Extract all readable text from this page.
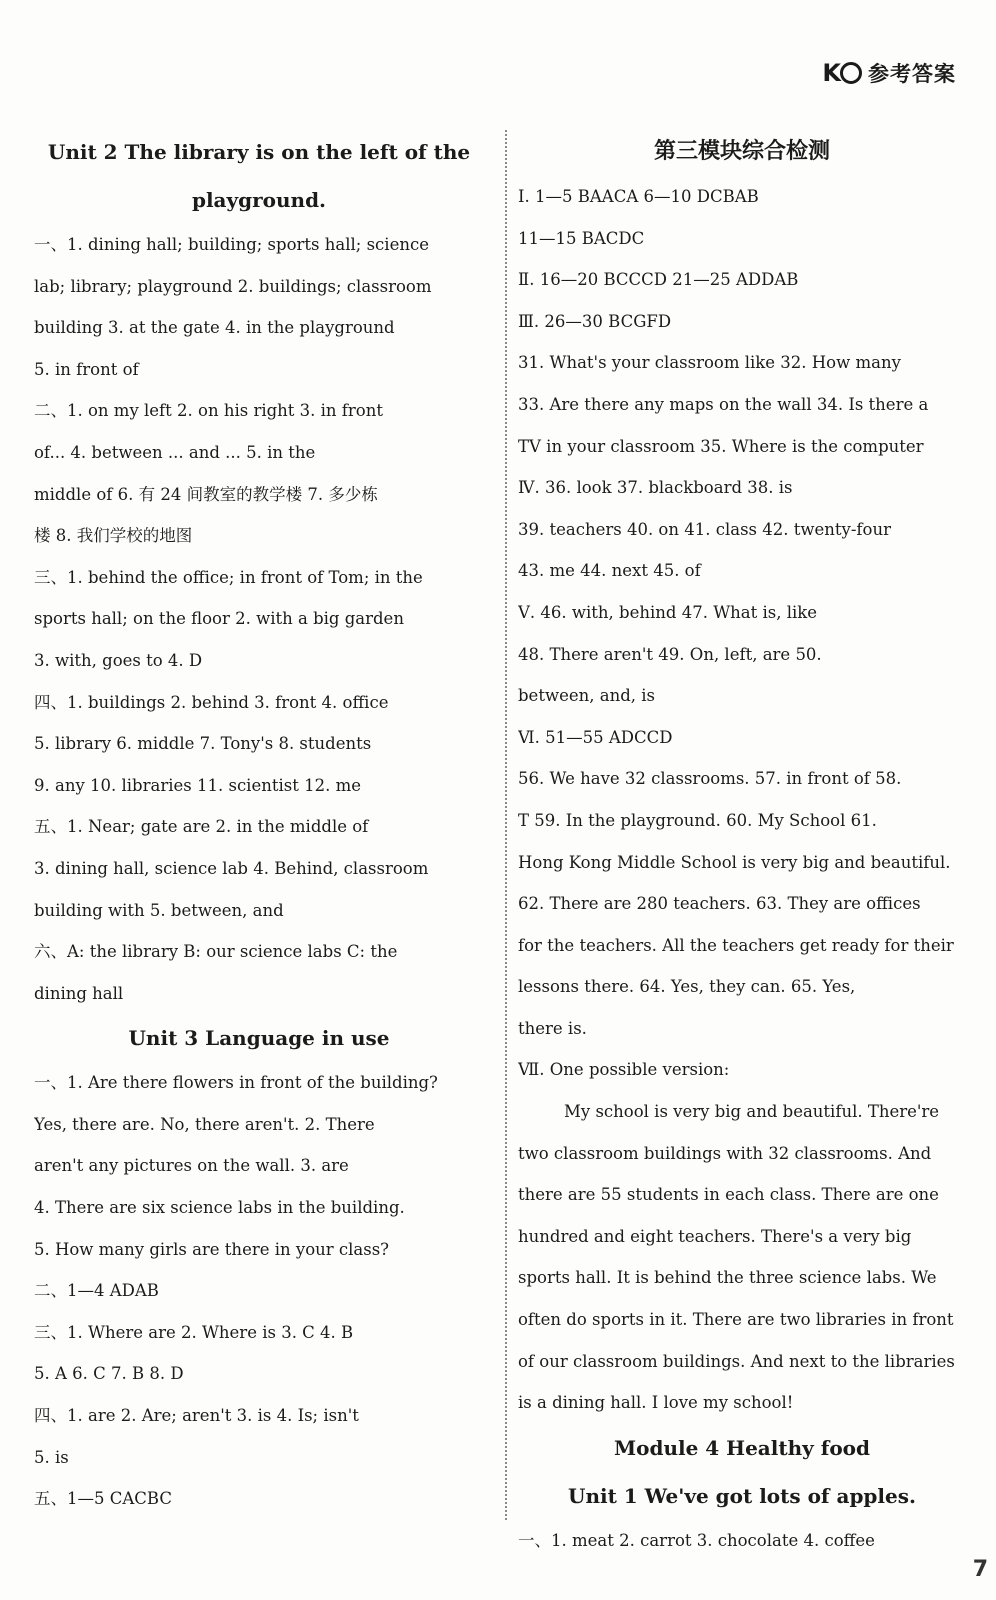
K 参考答案
Unit 2 The library is on the left of the
playground.
一、1. dining hall; building; sports hall; science
lab; library; playground 2. buildings; classroom
building 3. at the gate 4. in the playground
5. in front of
二、1. on my left 2. on his right 3. in front
of... 4. between ... and ... 5. in the
middle of 6. 有 24 间教室的教学楼 7. 多少栋
楼 8. 我们学校的地图
三、1. behind the office; in front of Tom; in the
sports hall; on the floor 2. with a big garden
3. with, goes to 4. D
四、1. buildings 2. behind 3. front 4. office
5. library 6. middle 7. Tony's 8. students
9. any 10. libraries 11. scientist 12. me
五、1. Near; gate are 2. in the middle of
3. dining hall, science lab 4. Behind, classroom
building with 5. between, and
六、A: the library B: our science labs C: the
dining hall
Unit 3 Language in use
一、1. Are there flowers in front of the building?
Yes, there are. No, there aren't. 2. There
aren't any pictures on the wall. 3. are
4. There are six science labs in the building.
5. How many girls are there in your class?
二、1—4 ADAB
三、1. Where are 2. Where is 3. C 4. B
5. A 6. C 7. B 8. D
四、1. are 2. Are; aren't 3. is 4. Is; isn't
5. is
五、1—5 CACBC
第三模块综合检测
Ⅰ. 1—5 BAACA 6—10 DCBAB
11—15 BACDC
Ⅱ. 16—20 BCCCD 21—25 ADDAB
Ⅲ. 26—30 BCGFD
31. What's your classroom like 32. How many
33. Are there any maps on the wall 34. Is there a
TV in your classroom 35. Where is the computer
Ⅳ. 36. look 37. blackboard 38. is
39. teachers 40. on 41. class 42. twenty-four
43. me 44. next 45. of
Ⅴ. 46. with, behind 47. What is, like
48. There aren't 49. On, left, are 50.
between, and, is
Ⅵ. 51—55 ADCCD
56. We have 32 classrooms. 57. in front of 58.
T 59. In the playground. 60. My School 61.
Hong Kong Middle School is very big and beautiful.
62. There are 280 teachers. 63. They are offices
for the teachers. All the teachers get ready for their
lessons there. 64. Yes, they can. 65. Yes,
there is.
Ⅶ. One possible version:
My school is very big and beautiful. There're
two classroom buildings with 32 classrooms. And
there are 55 students in each class. There are one
hundred and eight teachers. There's a very big
sports hall. It is behind the three science labs. We
often do sports in it. There are two libraries in front
of our classroom buildings. And next to the libraries
is a dining hall. I love my school!
Module 4 Healthy food
Unit 1 We've got lots of apples.
一、1. meat 2. carrot 3. chocolate 4. coffee
7
